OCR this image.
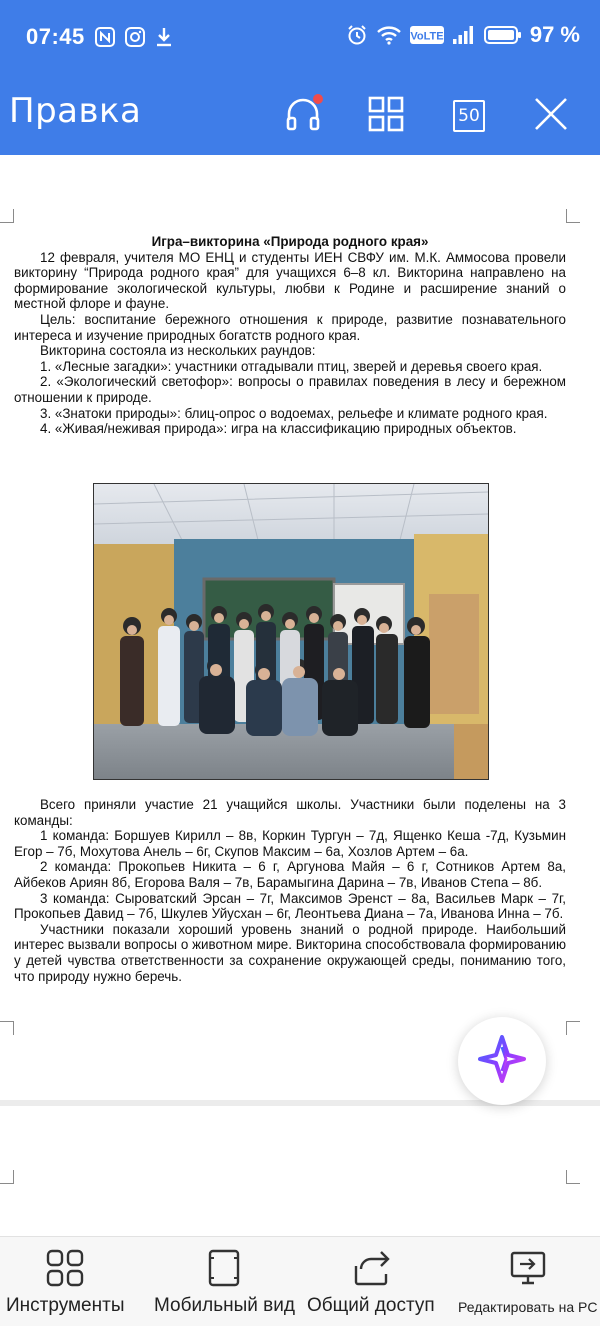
07:45	VoLTE	97 %
Правка	50
Игра–викторина «Природа родного края»
12 февраля, учителя МО ЕНЦ и студенты ИЕН СВФУ им. М.К. Аммосова провели викторину “Природа родного края” для учащихся 6–8 кл. Викторина направлено на формирование экологической культуры, любви к Родине и расширение знаний о местной флоре и фауне.
Цель: воспитание бережного отношения к природе, развитие познавательного интереса и изучение природных богатств родного края.
Викторина состояла из нескольких раундов:
1. «Лесные загадки»: участники отгадывали птиц, зверей и деревья своего края.
2. «Экологический светофор»: вопросы о правилах поведения в лесу и бережном отношении к природе.
3. «Знатоки природы»: блиц-опрос о водоемах, рельефе и климате родного края.
4. «Живая/неживая природа»: игра на классификацию природных объектов.
Всего приняли участие 21 учащийся школы. Участники были поделены на 3 команды:
1 команда: Боршуев Кирилл – 8в, Коркин Тургун – 7д, Ященко Кеша -7д, Кузьмин Егор – 7б, Мохутова Анель – 6г, Скупов Максим – 6а, Хозлов Артем – 6а.
2 команда: Прокопьев Никита – 6 г, Аргунова Майя – 6 г, Сотников Артем 8а, Айбеков Ариян 8б, Егорова Валя – 7в, Барамыгина Дарина – 7в, Иванов Степа – 8б.
3 команда: Сыроватский Эрсан – 7г, Максимов Эренст – 8а, Васильев Марк – 7г, Прокопьев Давид – 7б, Шкулев Уйусхан – 6г, Леонтьева Диана – 7а, Иванова Инна – 7б.
Участники показали хороший уровень знаний о родной природе. Наибольший интерес вызвали вопросы о животном мире. Викторина способствовала формированию у детей чувства ответственности за сохранение окружающей среды, пониманию того, что природу нужно беречь.
Инструменты Мобильный вид Общий доступ Редактировать на PC
